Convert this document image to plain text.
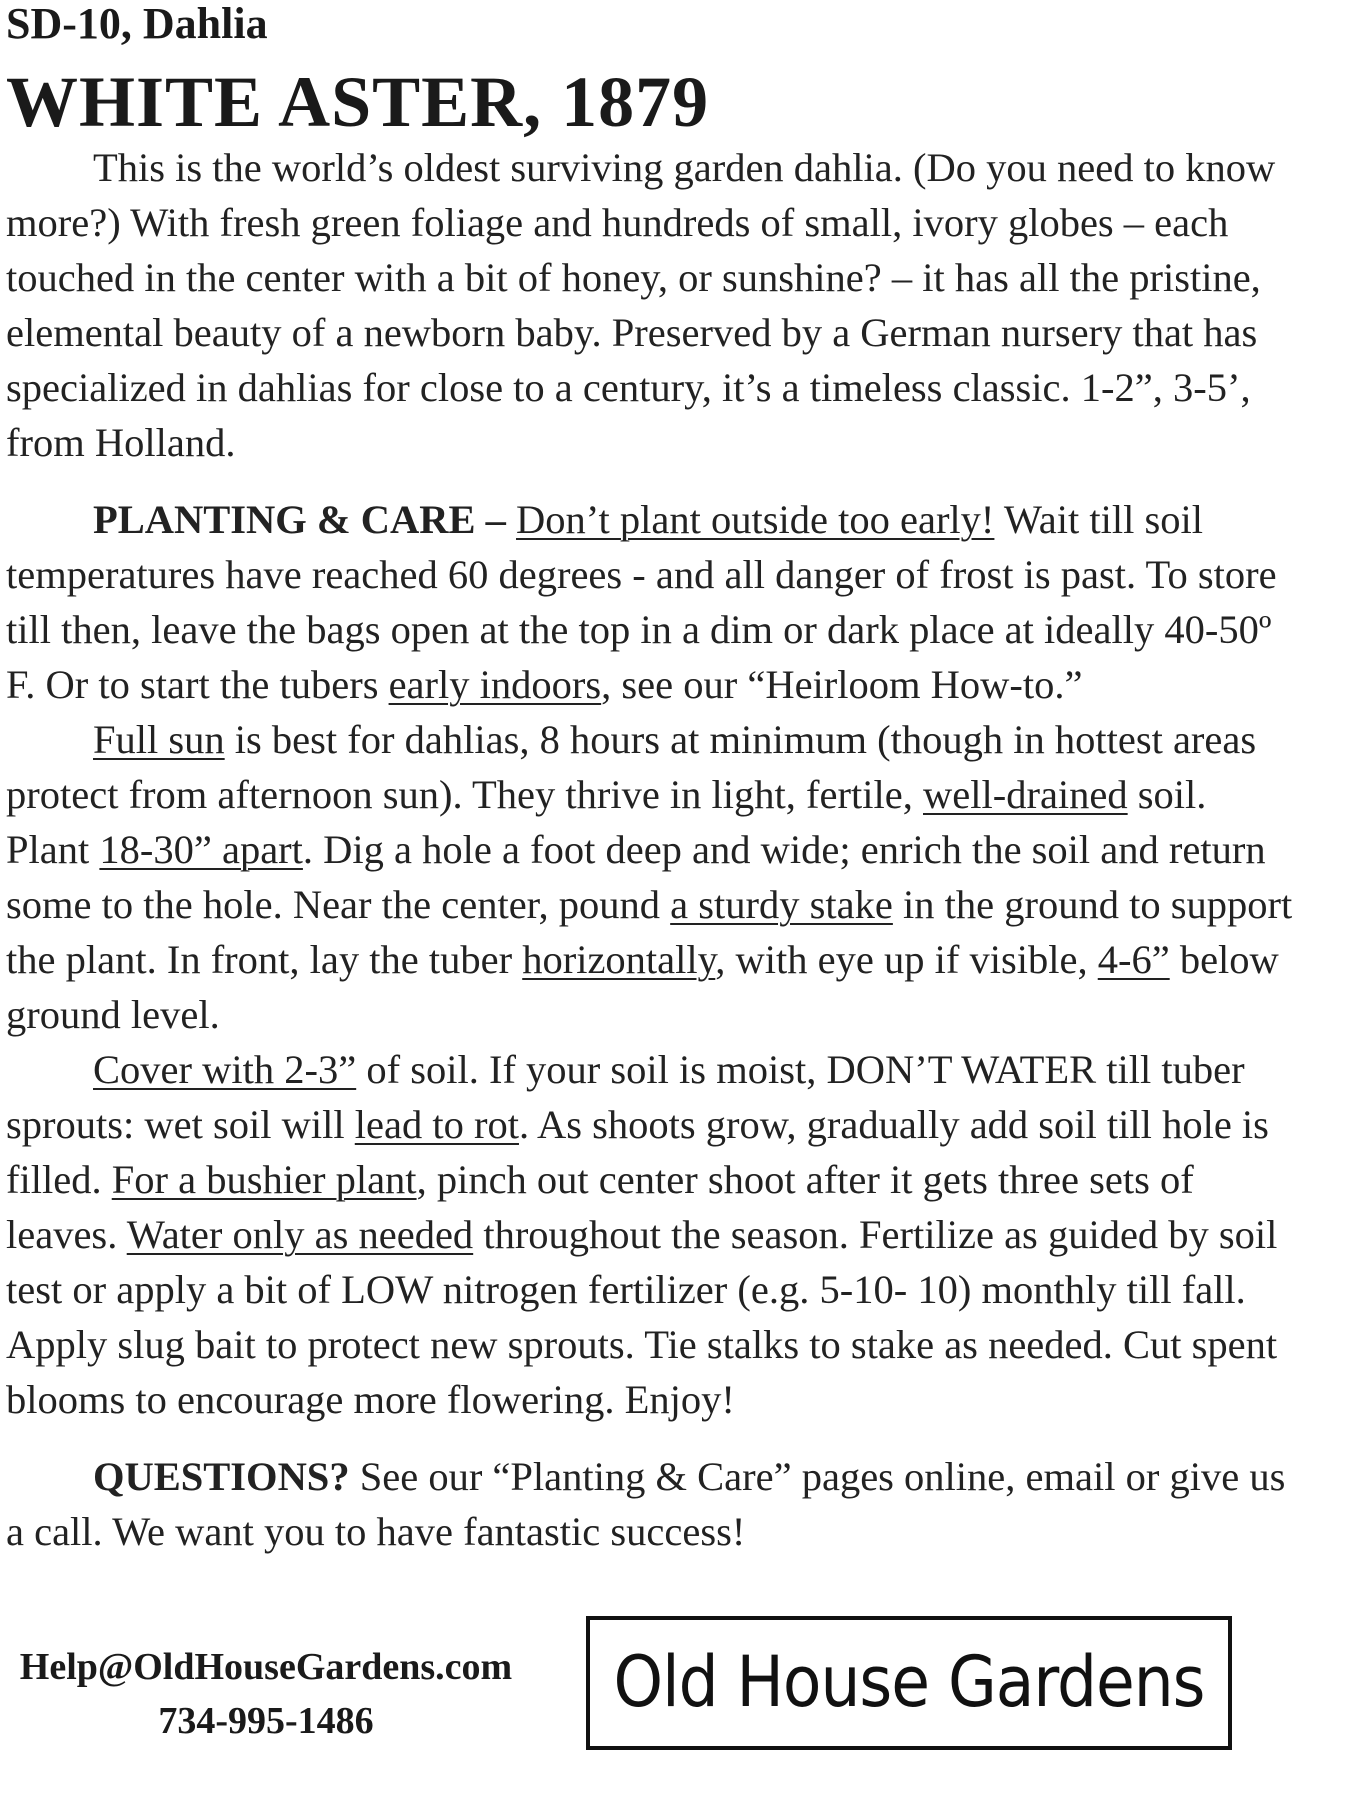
SD-10, Dahlia
WHITE ASTER, 1879

This is the world’s oldest surviving garden dahlia. (Do you need to know more?) With fresh green foliage and hundreds of small, ivory globes – each touched in the center with a bit of honey, or sunshine? – it has all the pristine, elemental beauty of a newborn baby. Preserved by a German nursery that has specialized in dahlias for close to a century, it’s a timeless classic. 1-2”, 3-5’, from Holland.

PLANTING & CARE – Don’t plant outside too early! Wait till soil temperatures have reached 60 degrees - and all danger of frost is past. To store till then, leave the bags open at the top in a dim or dark place at ideally 40-50º F. Or to start the tubers early indoors, see our “Heirloom How-to.”

Full sun is best for dahlias, 8 hours at minimum (though in hottest areas protect from afternoon sun). They thrive in light, fertile, well-drained soil. Plant 18-30” apart. Dig a hole a foot deep and wide; enrich the soil and return some to the hole. Near the center, pound a sturdy stake in the ground to support the plant. In front, lay the tuber horizontally, with eye up if visible, 4-6” below ground level.

Cover with 2-3” of soil. If your soil is moist, DON’T WATER till tuber sprouts: wet soil will lead to rot. As shoots grow, gradually add soil till hole is filled. For a bushier plant, pinch out center shoot after it gets three sets of leaves. Water only as needed throughout the season. Fertilize as guided by soil test or apply a bit of LOW nitrogen fertilizer (e.g. 5-10- 10) monthly till fall. Apply slug bait to protect new sprouts. Tie stalks to stake as needed. Cut spent blooms to encourage more flowering. Enjoy!

QUESTIONS? See our “Planting & Care” pages online, email or give us a call. We want you to have fantastic success!

Help@OldHouseGardens.com
734-995-1486	Old House Gardens
